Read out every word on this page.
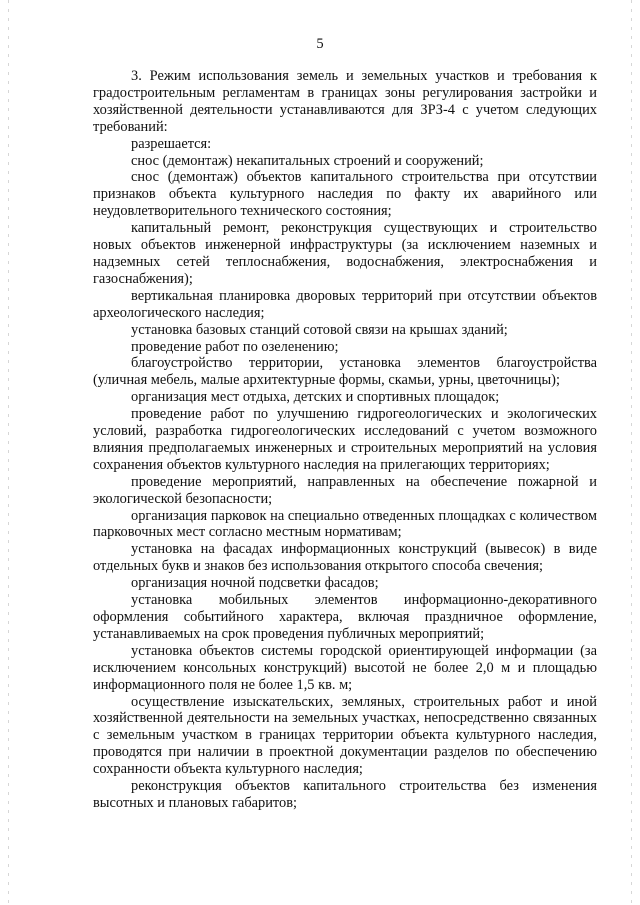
5

3. Режим использования земель и земельных участков и требования к градостроительным регламентам в границах зоны регулирования застройки и хозяйственной деятельности устанавливаются для ЗРЗ-4 с учетом следующих требований:

разрешается:

снос (демонтаж) некапитальных строений и сооружений;

снос (демонтаж) объектов капитального строительства при отсутствии признаков объекта культурного наследия по факту их аварийного или неудовлетворительного технического состояния;

капитальный ремонт, реконструкция существующих и строительство новых объектов инженерной инфраструктуры (за исключением наземных и надземных сетей теплоснабжения, водоснабжения, электроснабжения и газоснабжения);

вертикальная планировка дворовых территорий при отсутствии объектов археологического наследия;

установка базовых станций сотовой связи на крышах зданий;

проведение работ по озеленению;

благоустройство территории, установка элементов благоустройства (уличная мебель, малые архитектурные формы, скамьи, урны, цветочницы);

организация мест отдыха, детских и спортивных площадок;

проведение работ по улучшению гидрогеологических и экологических условий, разработка гидрогеологических исследований с учетом возможного влияния предполагаемых инженерных и строительных мероприятий на условия сохранения объектов культурного наследия на прилегающих территориях;

проведение мероприятий, направленных на обеспечение пожарной и экологической безопасности;

организация парковок на специально отведенных площадках с количеством парковочных мест согласно местным нормативам;

установка на фасадах информационных конструкций (вывесок) в виде отдельных букв и знаков без использования открытого способа свечения;

организация ночной подсветки фасадов;

установка мобильных элементов информационно-декоративного оформления событийного характера, включая праздничное оформление, устанавливаемых на срок проведения публичных мероприятий;

установка объектов системы городской ориентирующей информации (за исключением консольных конструкций) высотой не более 2,0 м и площадью информационного поля не более 1,5 кв. м;

осуществление изыскательских, земляных, строительных работ и иной хозяйственной деятельности на земельных участках, непосредственно связанных с земельным участком в границах территории объекта культурного наследия, проводятся при наличии в проектной документации разделов по обеспечению сохранности объекта культурного наследия;

реконструкция объектов капитального строительства без изменения высотных и плановых габаритов;
